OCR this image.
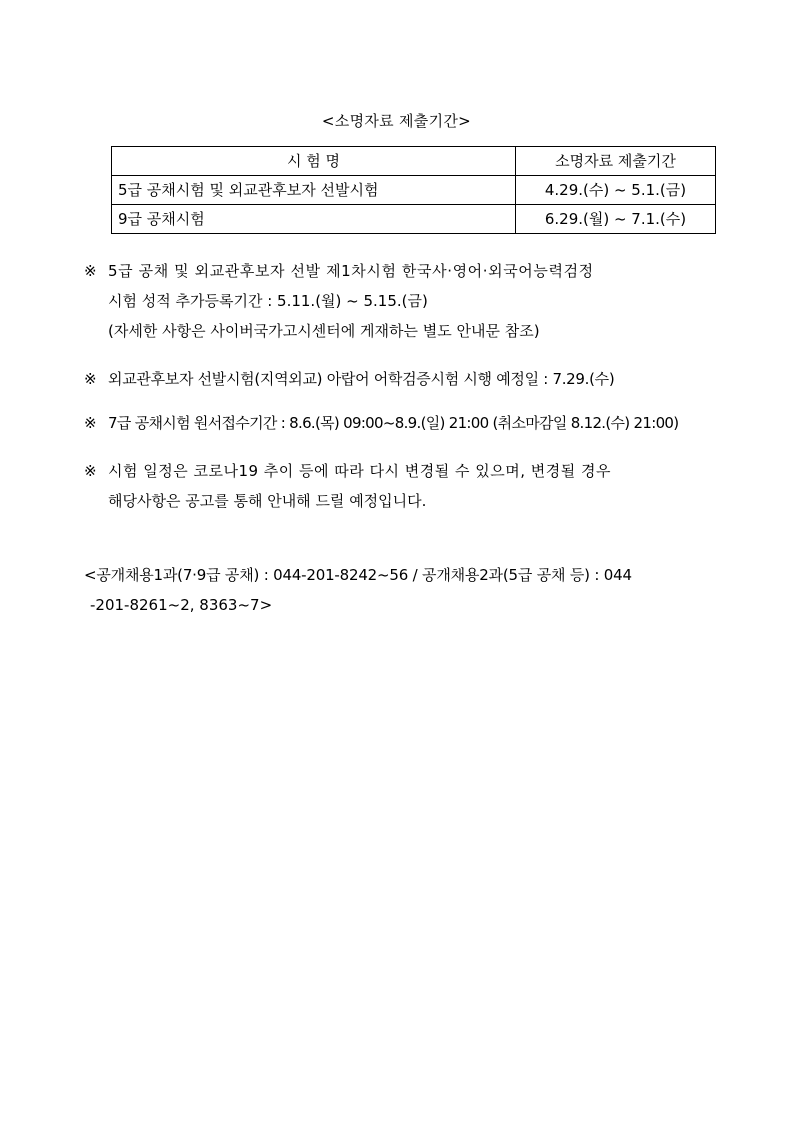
<소명자료 제출기간>
시 험 명	소명자료 제출기간
5급 공채시험 및 외교관후보자 선발시험	4.29.(수) ~ 5.1.(금)
9급 공채시험	6.29.(월) ~ 7.1.(수)
※ 5급 공채 및 외교관후보자 선발 제1차시험 한국사·영어·외국어능력검정
시험 성적 추가등록기간 : 5.11.(월) ~ 5.15.(금)
(자세한 사항은 사이버국가고시센터에 게재하는 별도 안내문 참조)
※ 외교관후보자 선발시험(지역외교) 아랍어 어학검증시험 시행 예정일 : 7.29.(수)
※ 7급 공채시험 원서접수기간 : 8.6.(목) 09:00~8.9.(일) 21:00 (취소마감일 8.12.(수) 21:00)
※ 시험 일정은 코로나19 추이 등에 따라 다시 변경될 수 있으며, 변경될 경우
해당사항은 공고를 통해 안내해 드릴 예정입니다.
<공개채용1과(7·9급 공채) : 044-201-8242~56 / 공개채용2과(5급 공채 등) : 044
-201-8261~2, 8363~7>
